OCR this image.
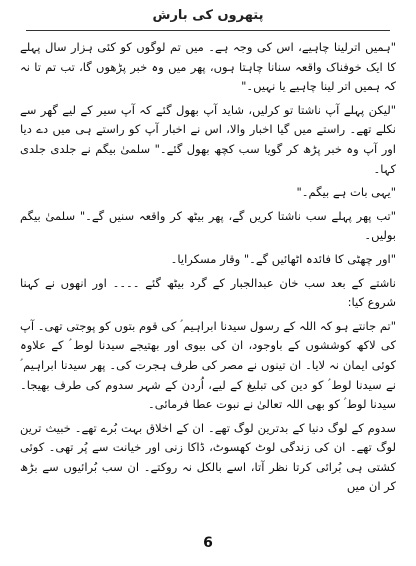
پتھروں کی بارش

"ہمیں اترلینا چاہیے، اس کی وجہ ہے۔ میں تم لوگوں کو کئی ہزار سال پہلے کا ایک خوفناک واقعہ سنانا چاہتا ہوں، پھر میں وہ خبر پڑھوں گا، تب تم تا نہ کہ ہمیں اتر لینا چاہیے یا نہیں۔"

"لیکن پہلے آپ ناشتا تو کرلیں، شاید آپ بھول گئے کہ آپ سیر کے لیے گھر سے نکلے تھے۔ راستے میں گیا اخبار والا، اس نے اخبار آپ کو راستے ہی میں دے دیا اور آپ وہ خبر پڑھ کر گویا سب کچھ بھول گئے۔" سلمیٰ بیگم نے جلدی جلدی کہا۔

"یہی بات ہے بیگم۔"

"تب پھر پہلے سب ناشتا کریں گے، پھر بیٹھ کر واقعہ سنیں گے۔" سلمیٰ بیگم بولیں۔

"اور چھٹی کا فائدہ اٹھائیں گے۔" وقار مسکرایا۔

ناشتے کے بعد سب خان عبدالجبار کے گرد بیٹھ گئے ۔۔۔۔ اور انھوں نے کہنا شروع کیا:

"تم جانتے ہو کہ اللہ کے رسول سیدنا ابراہیم ؑ کی قوم بتوں کو پوجتی تھی۔ آپ کی لاکھ کوششوں کے باوجود، ان کی بیوی اور بھتیجے سیدنا لوط ؑ کے علاوہ کوئی ایمان نہ لایا۔ ان تینوں نے مصر کی طرف ہجرت کی۔ پھر سیدنا ابراہیم ؑ نے سیدنا لوط ؑ کو دین کی تبلیغ کے لیے، اُردن کے شہر سدوم کی طرف بھیجا۔ سیدنا لوط ؑ کو بھی اللہ تعالیٰ نے نبوت عطا فرمائی۔

سدوم کے لوگ دنیا کے بدترین لوگ تھے۔ ان کے اخلاق بہت بُرے تھے۔ خبیث ترین لوگ تھے۔ ان کی زندگی لوٹ کھسوٹ، ڈاکا زنی اور خیانت سے پُر تھی۔ کوئی کشتی ہی بُرائی کرتا نظر آتا، اسے بالکل نہ روکتے۔ ان سب بُرائیوں سے بڑھ کر ان میں

6
